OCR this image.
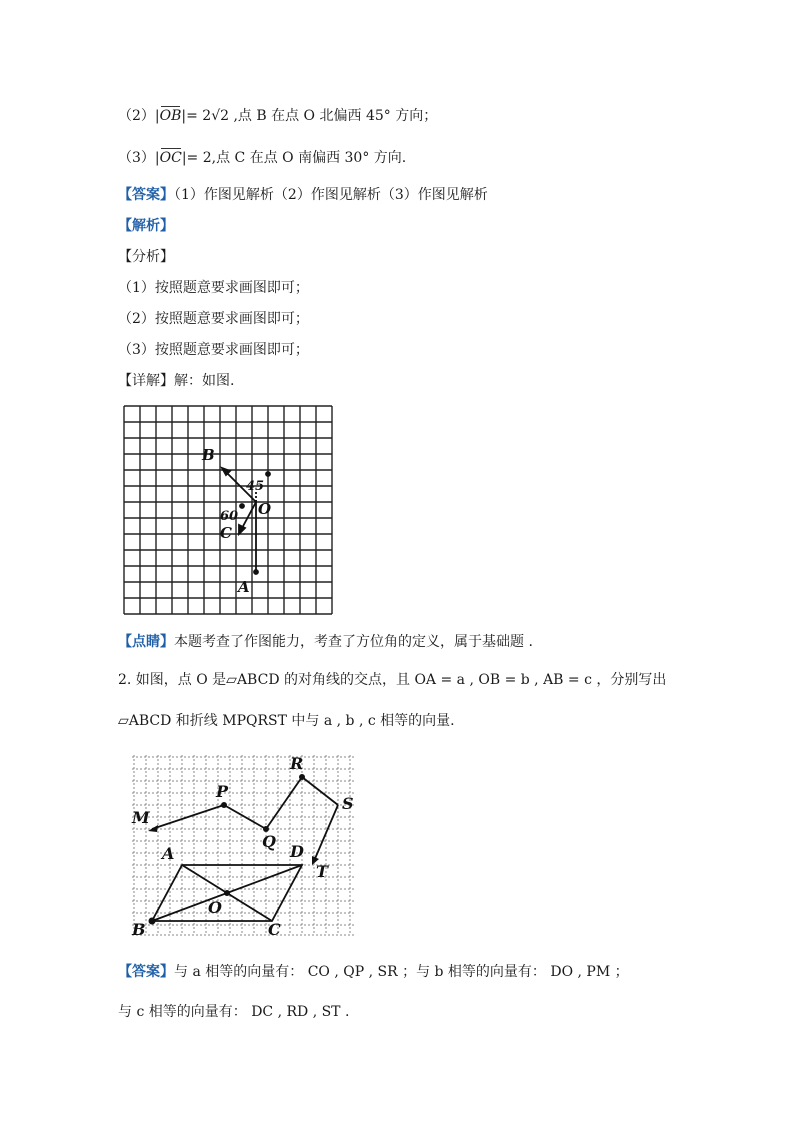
（2）|OB|= 2√2 ,点 B 在点 O 北偏西 45° 方向；
（3）|OC|= 2,点 C 在点 O 南偏西 30° 方向.
【答案】（1）作图见解析（2）作图见解析（3）作图见解析
【解析】
【分析】
（1）按照题意要求画图即可；
（2）按照题意要求画图即可；
（3）按照题意要求画图即可；
【详解】解：如图.
B
O
C
A
45
60
【点睛】本题考查了作图能力，考查了方位角的定义，属于基础题 .
2. 如图，点 O 是▱ABCD 的对角线的交点，且 OA = a , OB = b , AB = c ，分别写出
▱ABCD 和折线 MPQRST 中与 a , b , c 相等的向量.
M
P
Q
R
S
T
A	D
O
B	C
【答案】与 a 相等的向量有： CO , QP , SR ；与 b 相等的向量有： DO , PM ；
与 c 相等的向量有： DC , RD , ST .
